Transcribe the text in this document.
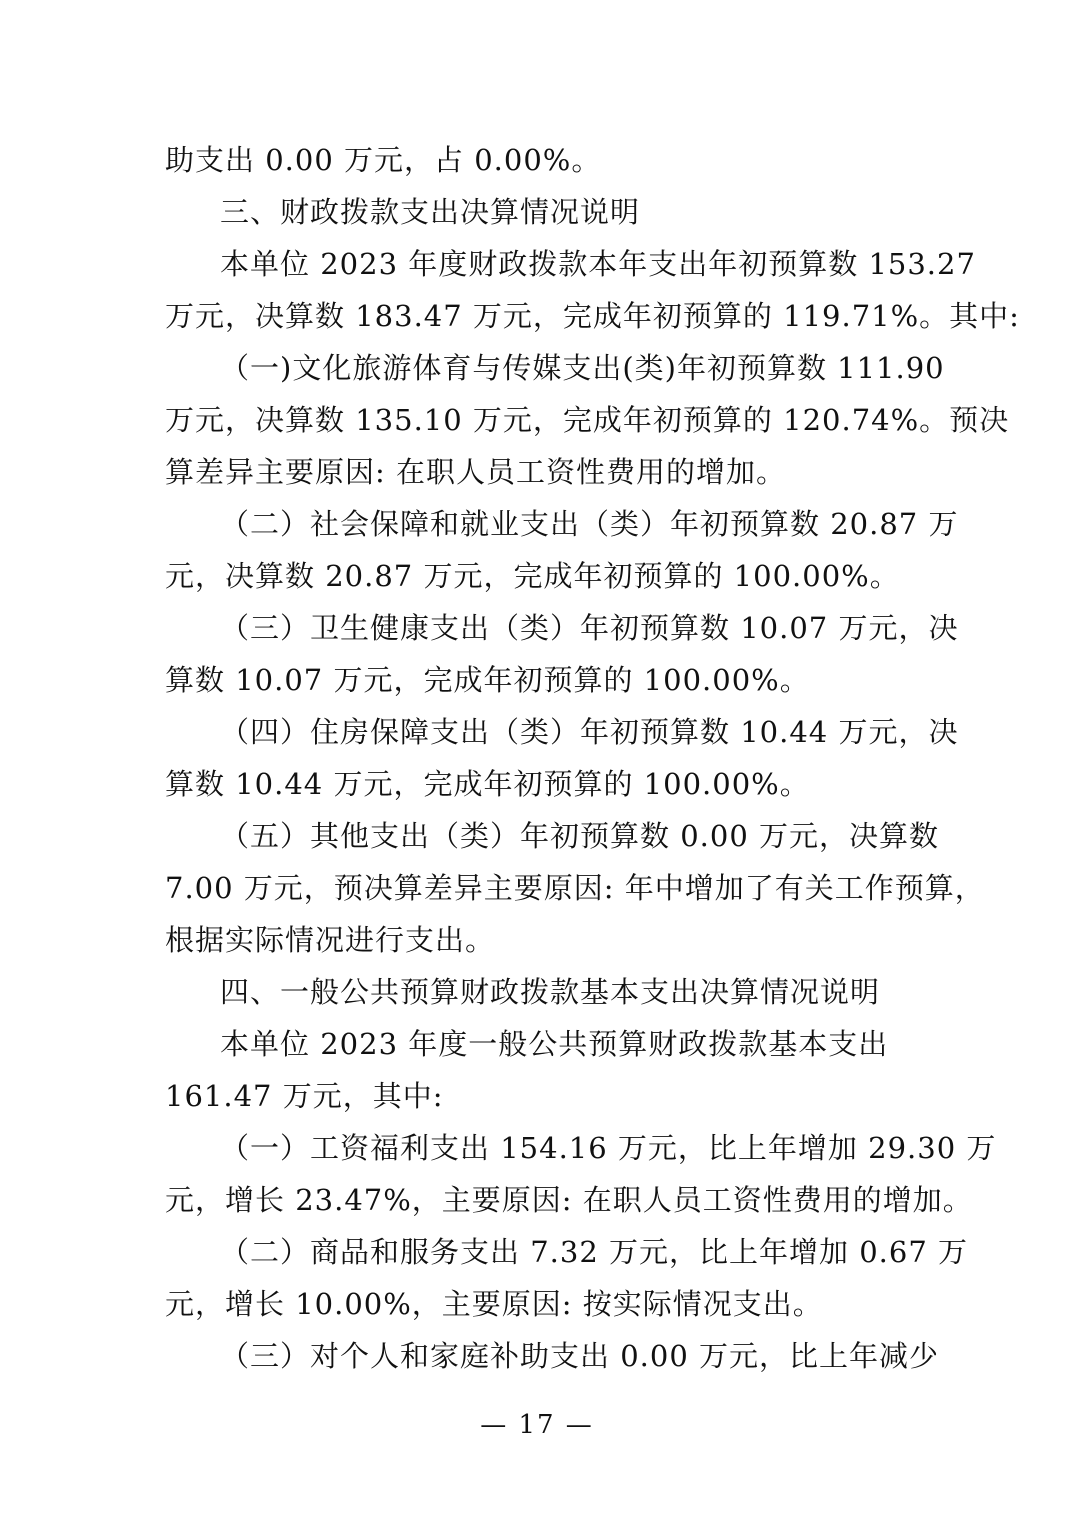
助支出 0.00 万元，占 0.00%。
三、财政拨款支出决算情况说明
本单位 2023 年度财政拨款本年支出年初预算数 153.27
万元，决算数 183.47 万元，完成年初预算的 119.71%。其中:
（一)文化旅游体育与传媒支出(类)年初预算数 111.90
万元，决算数 135.10 万元，完成年初预算的 120.74%。预决
算差异主要原因: 在职人员工资性费用的增加。
（二）社会保障和就业支出（类）年初预算数 20.87 万
元，决算数 20.87 万元，完成年初预算的 100.00%。
（三）卫生健康支出（类）年初预算数 10.07 万元，决
算数 10.07 万元，完成年初预算的 100.00%。
（四）住房保障支出（类）年初预算数 10.44 万元，决
算数 10.44 万元，完成年初预算的 100.00%。
（五）其他支出（类）年初预算数 0.00 万元，决算数
7.00 万元，预决算差异主要原因: 年中增加了有关工作预算，
根据实际情况进行支出。
四、一般公共预算财政拨款基本支出决算情况说明
本单位 2023 年度一般公共预算财政拨款基本支出
161.47 万元，其中:
（一）工资福利支出 154.16 万元，比上年增加 29.30 万
元，增长 23.47%，主要原因: 在职人员工资性费用的增加。
（二）商品和服务支出 7.32 万元，比上年增加 0.67 万
元，增长 10.00%，主要原因: 按实际情况支出。
（三）对个人和家庭补助支出 0.00 万元，比上年减少
— 17 —
